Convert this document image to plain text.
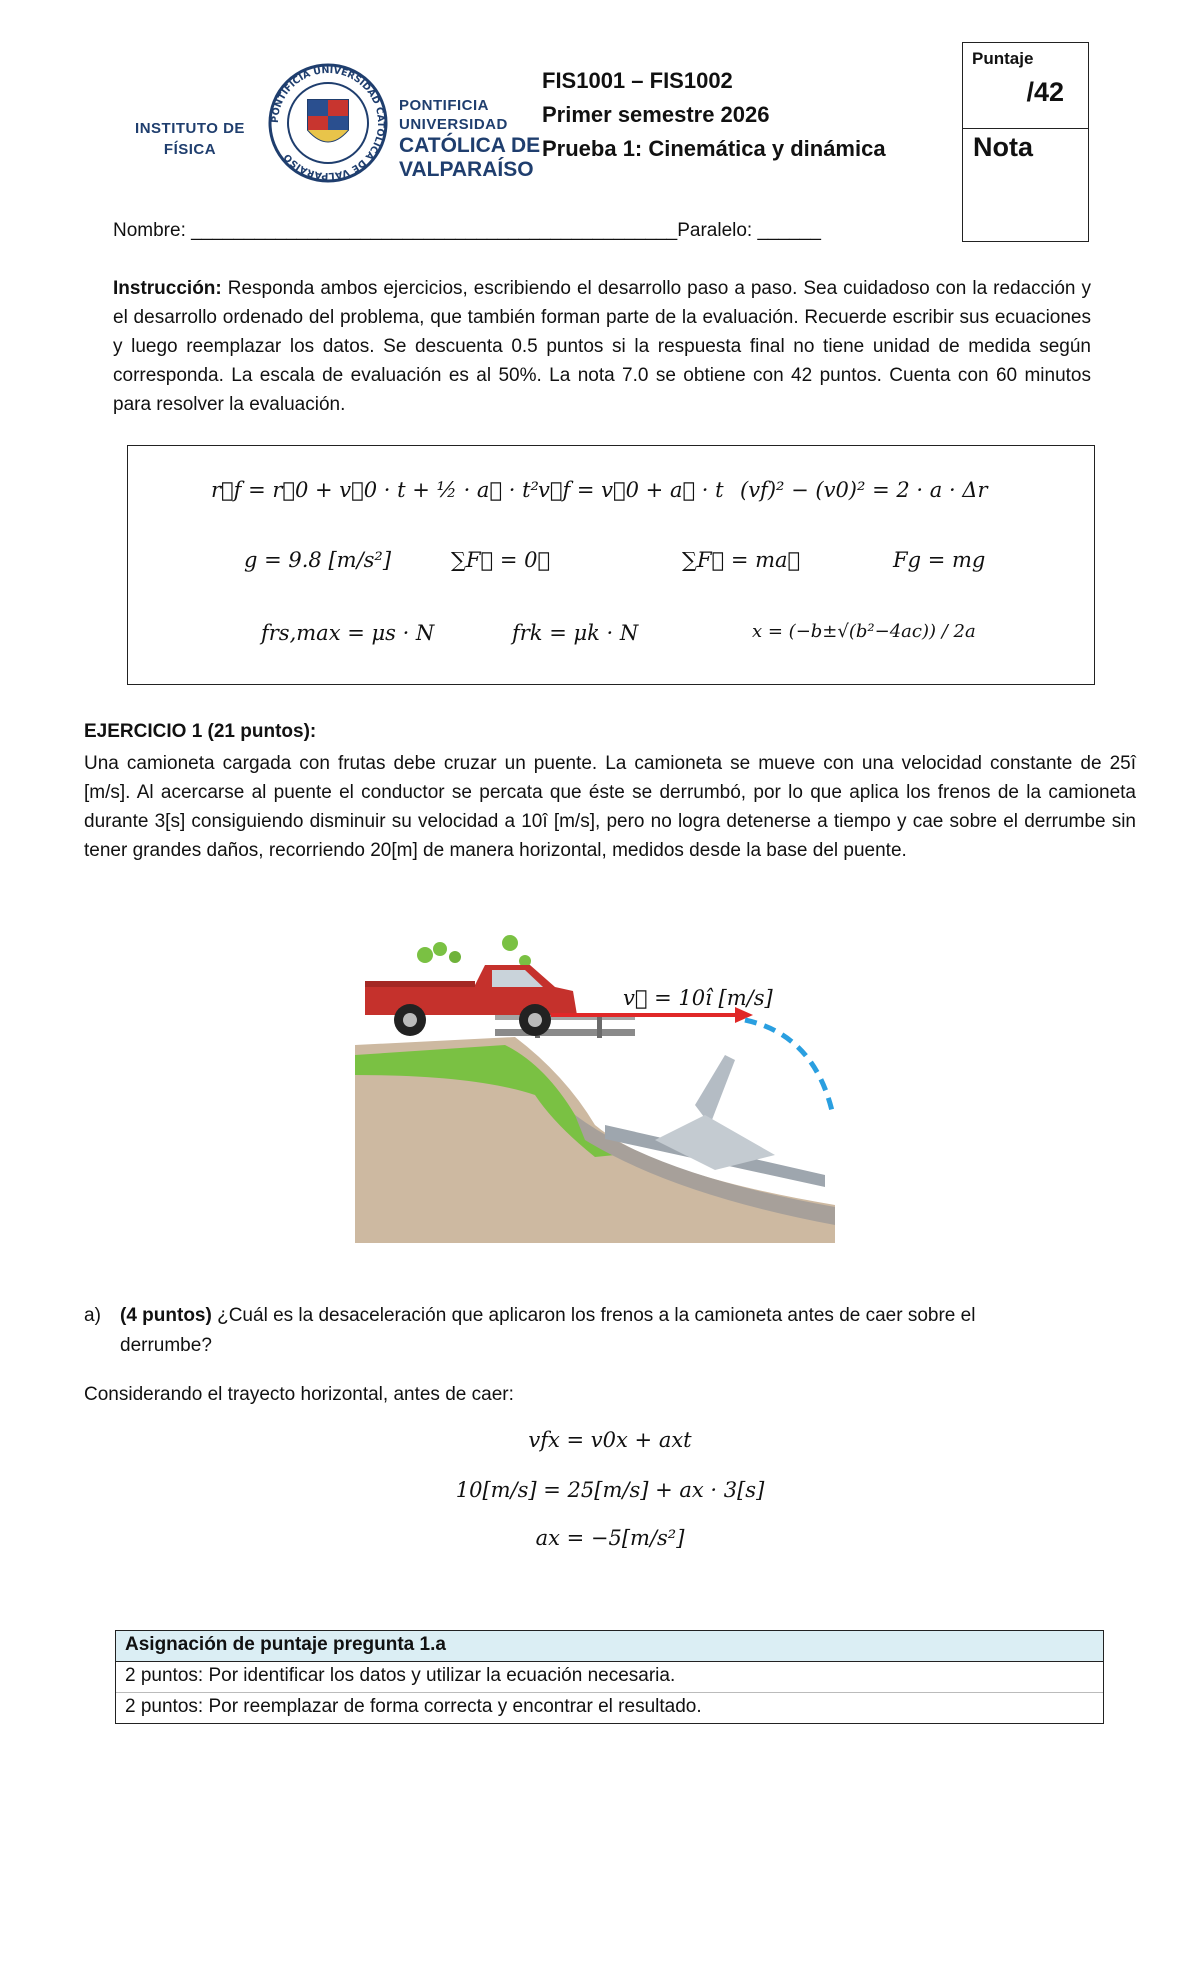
INSTITUTO DE
FÍSICA
PONTIFICIA UNIVERSIDAD CATÓLICA DE VALPARAÍSO
PONTIFICIA
UNIVERSIDAD
CATÓLICA DE
VALPARAÍSO
FIS1001 – FIS1002
Primer semestre 2026
Prueba 1: Cinemática y dinámica
Puntaje
/42
Nota
Nombre: ______________________________________________Paralelo: ______
Instrucción: Responda ambos ejercicios, escribiendo el desarrollo paso a paso. Sea cuidadoso con la redacción y el desarrollo ordenado del problema, que también forman parte de la evaluación. Recuerde escribir sus ecuaciones y luego reemplazar los datos. Se descuenta 0.5 puntos si la respuesta final no tiene unidad de medida según corresponda. La escala de evaluación es al 50%. La nota 7.0 se obtiene con 42 puntos. Cuenta con 60 minutos para resolver la evaluación.
r⃗f = r⃗0 + v⃗0 · t + ½ · a⃗ · t² v⃗f = v⃗0 + a⃗ · t (vf)² − (v0)² = 2 · a · Δr
g = 9.8 [m/s²]	∑F⃗ = 0⃗	∑F⃗ = ma⃗	Fg = mg
frs,max = μs · N	frk = μk · N	x = (−b±√(b²−4ac)) / 2a
EJERCICIO 1 (21 puntos):
Una camioneta cargada con frutas debe cruzar un puente. La camioneta se mueve con una velocidad constante de 25î [m/s]. Al acercarse al puente el conductor se percata que éste se derrumbó, por lo que aplica los frenos de la camioneta durante 3[s] consiguiendo disminuir su velocidad a 10î [m/s], pero no logra detenerse a tiempo y cae sobre el derrumbe sin tener grandes daños, recorriendo 20[m] de manera horizontal, medidos desde la base del puente.
v⃗ = 10î [m/s]
a) (4 puntos) ¿Cuál es la desaceleración que aplicaron los frenos a la camioneta antes de caer sobre el
derrumbe?
Considerando el trayecto horizontal, antes de caer:
vfx = v0x + axt
10[m/s] = 25[m/s] + ax · 3[s]
ax = −5[m/s²]
Asignación de puntaje pregunta 1.a
2 puntos: Por identificar los datos y utilizar la ecuación necesaria.
2 puntos: Por reemplazar de forma correcta y encontrar el resultado.
